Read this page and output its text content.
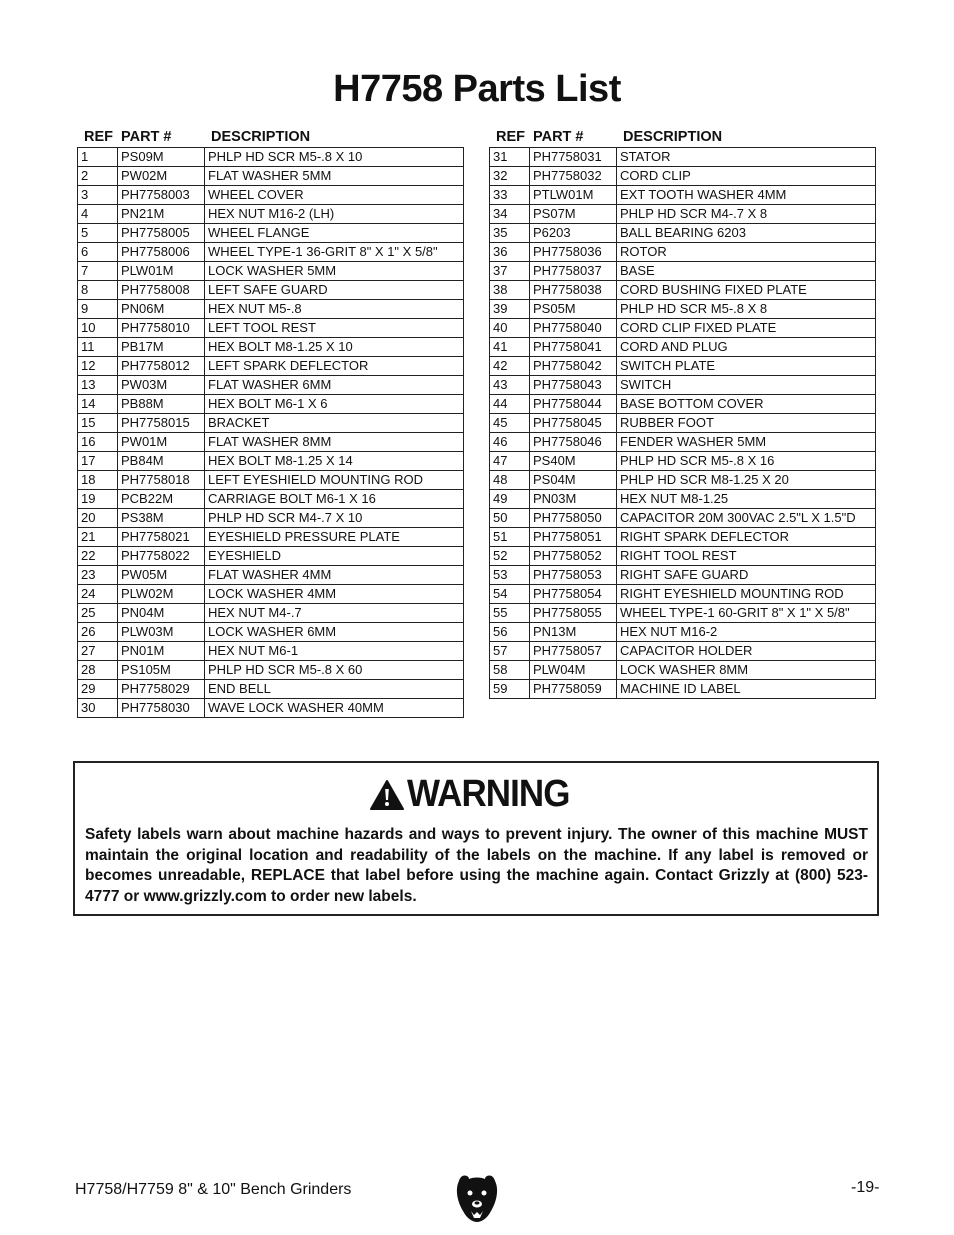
H7758 Parts List
REF PART #	DESCRIPTION
1	PS09M	PHLP HD SCR M5-.8 X 10
2	PW02M	FLAT WASHER 5MM
3	PH7758003	WHEEL COVER
4	PN21M	HEX NUT M16-2 (LH)
5	PH7758005	WHEEL FLANGE
6	PH7758006	WHEEL TYPE-1 36-GRIT 8" X 1" X 5/8"
7	PLW01M	LOCK WASHER 5MM
8	PH7758008	LEFT SAFE GUARD
9	PN06M	HEX NUT M5-.8
10	PH7758010	LEFT TOOL REST
11	PB17M	HEX BOLT M8-1.25 X 10
12	PH7758012	LEFT SPARK DEFLECTOR
13	PW03M	FLAT WASHER 6MM
14	PB88M	HEX BOLT M6-1 X 6
15	PH7758015	BRACKET
16	PW01M	FLAT WASHER 8MM
17	PB84M	HEX BOLT M8-1.25 X 14
18	PH7758018	LEFT EYESHIELD MOUNTING ROD
19	PCB22M	CARRIAGE BOLT M6-1 X 16
20	PS38M	PHLP HD SCR M4-.7 X 10
21	PH7758021	EYESHIELD PRESSURE PLATE
22	PH7758022	EYESHIELD
23	PW05M	FLAT WASHER 4MM
24	PLW02M	LOCK WASHER 4MM
25	PN04M	HEX NUT M4-.7
26	PLW03M	LOCK WASHER 6MM
27	PN01M	HEX NUT M6-1
28	PS105M	PHLP HD SCR M5-.8 X 60
29	PH7758029	END BELL
30	PH7758030	WAVE LOCK WASHER 40MM
REF PART #	DESCRIPTION
31	PH7758031	STATOR
32	PH7758032	CORD CLIP
33	PTLW01M	EXT TOOTH WASHER 4MM
34	PS07M	PHLP HD SCR M4-.7 X 8
35	P6203	BALL BEARING 6203
36	PH7758036	ROTOR
37	PH7758037	BASE
38	PH7758038	CORD BUSHING FIXED PLATE
39	PS05M	PHLP HD SCR M5-.8 X 8
40	PH7758040	CORD CLIP FIXED PLATE
41	PH7758041	CORD AND PLUG
42	PH7758042	SWITCH PLATE
43	PH7758043	SWITCH
44	PH7758044	BASE BOTTOM COVER
45	PH7758045	RUBBER FOOT
46	PH7758046	FENDER WASHER 5MM
47	PS40M	PHLP HD SCR M5-.8 X 16
48	PS04M	PHLP HD SCR M8-1.25 X 20
49	PN03M	HEX NUT M8-1.25
50	PH7758050	CAPACITOR 20M 300VAC 2.5"L X 1.5"D
51	PH7758051	RIGHT SPARK DEFLECTOR
52	PH7758052	RIGHT TOOL REST
53	PH7758053	RIGHT SAFE GUARD
54	PH7758054	RIGHT EYESHIELD MOUNTING ROD
55	PH7758055	WHEEL TYPE-1 60-GRIT 8" X 1" X 5/8"
56	PN13M	HEX NUT M16-2
57	PH7758057	CAPACITOR HOLDER
58	PLW04M	LOCK WASHER 8MM
59	PH7758059	MACHINE ID LABEL
WARNING

Safety labels warn about machine hazards and ways to prevent injury. The owner of this machine MUST maintain the original location and readability of the labels on the machine. If any label is removed or becomes unreadable, REPLACE that label before using the machine again. Contact Grizzly at (800) 523-4777 or www.grizzly.com to order new labels.

H7758/H7759 8" & 10" Bench Grinders	-19-
